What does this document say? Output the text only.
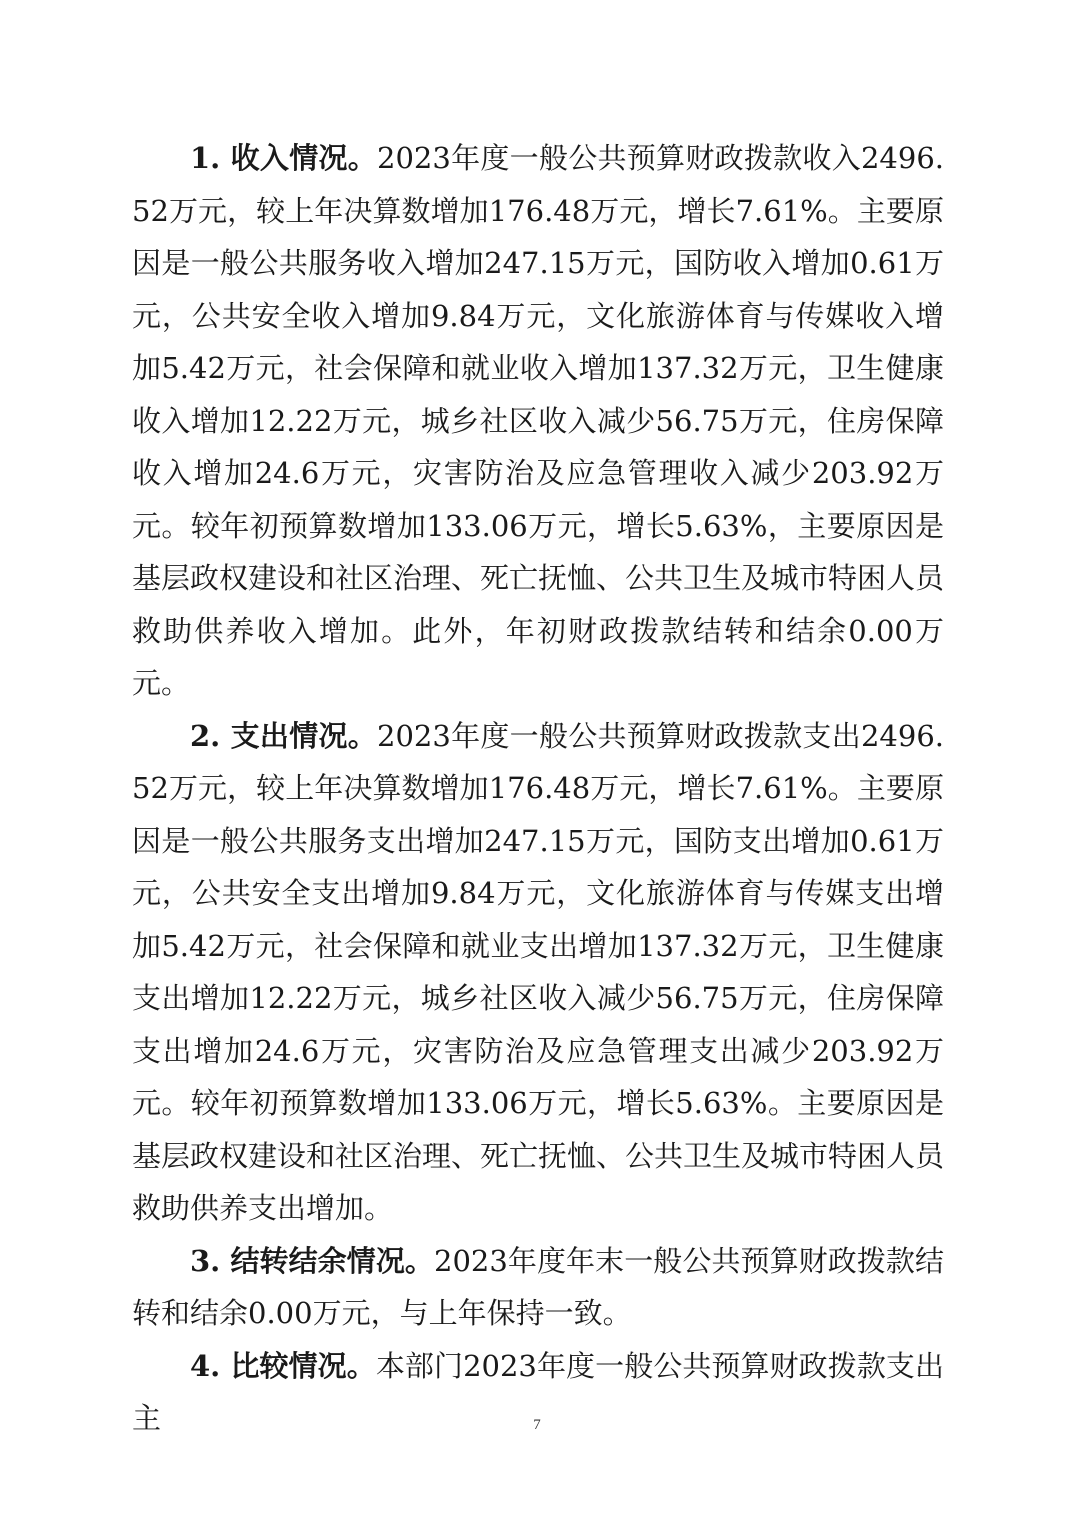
1. 收入情况。2023年度一般公共预算财政拨款收入2496.52万元，较上年决算数增加176.48万元，增长7.61%。主要原因是一般公共服务收入增加247.15万元，国防收入增加0.61万元，公共安全收入增加9.84万元，文化旅游体育与传媒收入增加5.42万元，社会保障和就业收入增加137.32万元，卫生健康收入增加12.22万元，城乡社区收入减少56.75万元，住房保障收入增加24.6万元，灾害防治及应急管理收入减少203.92万元。较年初预算数增加133.06万元，增长5.63%，主要原因是基层政权建设和社区治理、死亡抚恤、公共卫生及城市特困人员救助供养收入增加。此外，年初财政拨款结转和结余0.00万元。

2. 支出情况。2023年度一般公共预算财政拨款支出2496.52万元，较上年决算数增加176.48万元，增长7.61%。主要原因是一般公共服务支出增加247.15万元，国防支出增加0.61万元，公共安全支出增加9.84万元，文化旅游体育与传媒支出增加5.42万元，社会保障和就业支出增加137.32万元，卫生健康支出增加12.22万元，城乡社区收入减少56.75万元，住房保障支出增加24.6万元，灾害防治及应急管理支出减少203.92万元。较年初预算数增加133.06万元，增长5.63%。主要原因是基层政权建设和社区治理、死亡抚恤、公共卫生及城市特困人员救助供养支出增加。

3. 结转结余情况。2023年度年末一般公共预算财政拨款结转和结余0.00万元，与上年保持一致。

4. 比较情况。本部门2023年度一般公共预算财政拨款支出主	7
